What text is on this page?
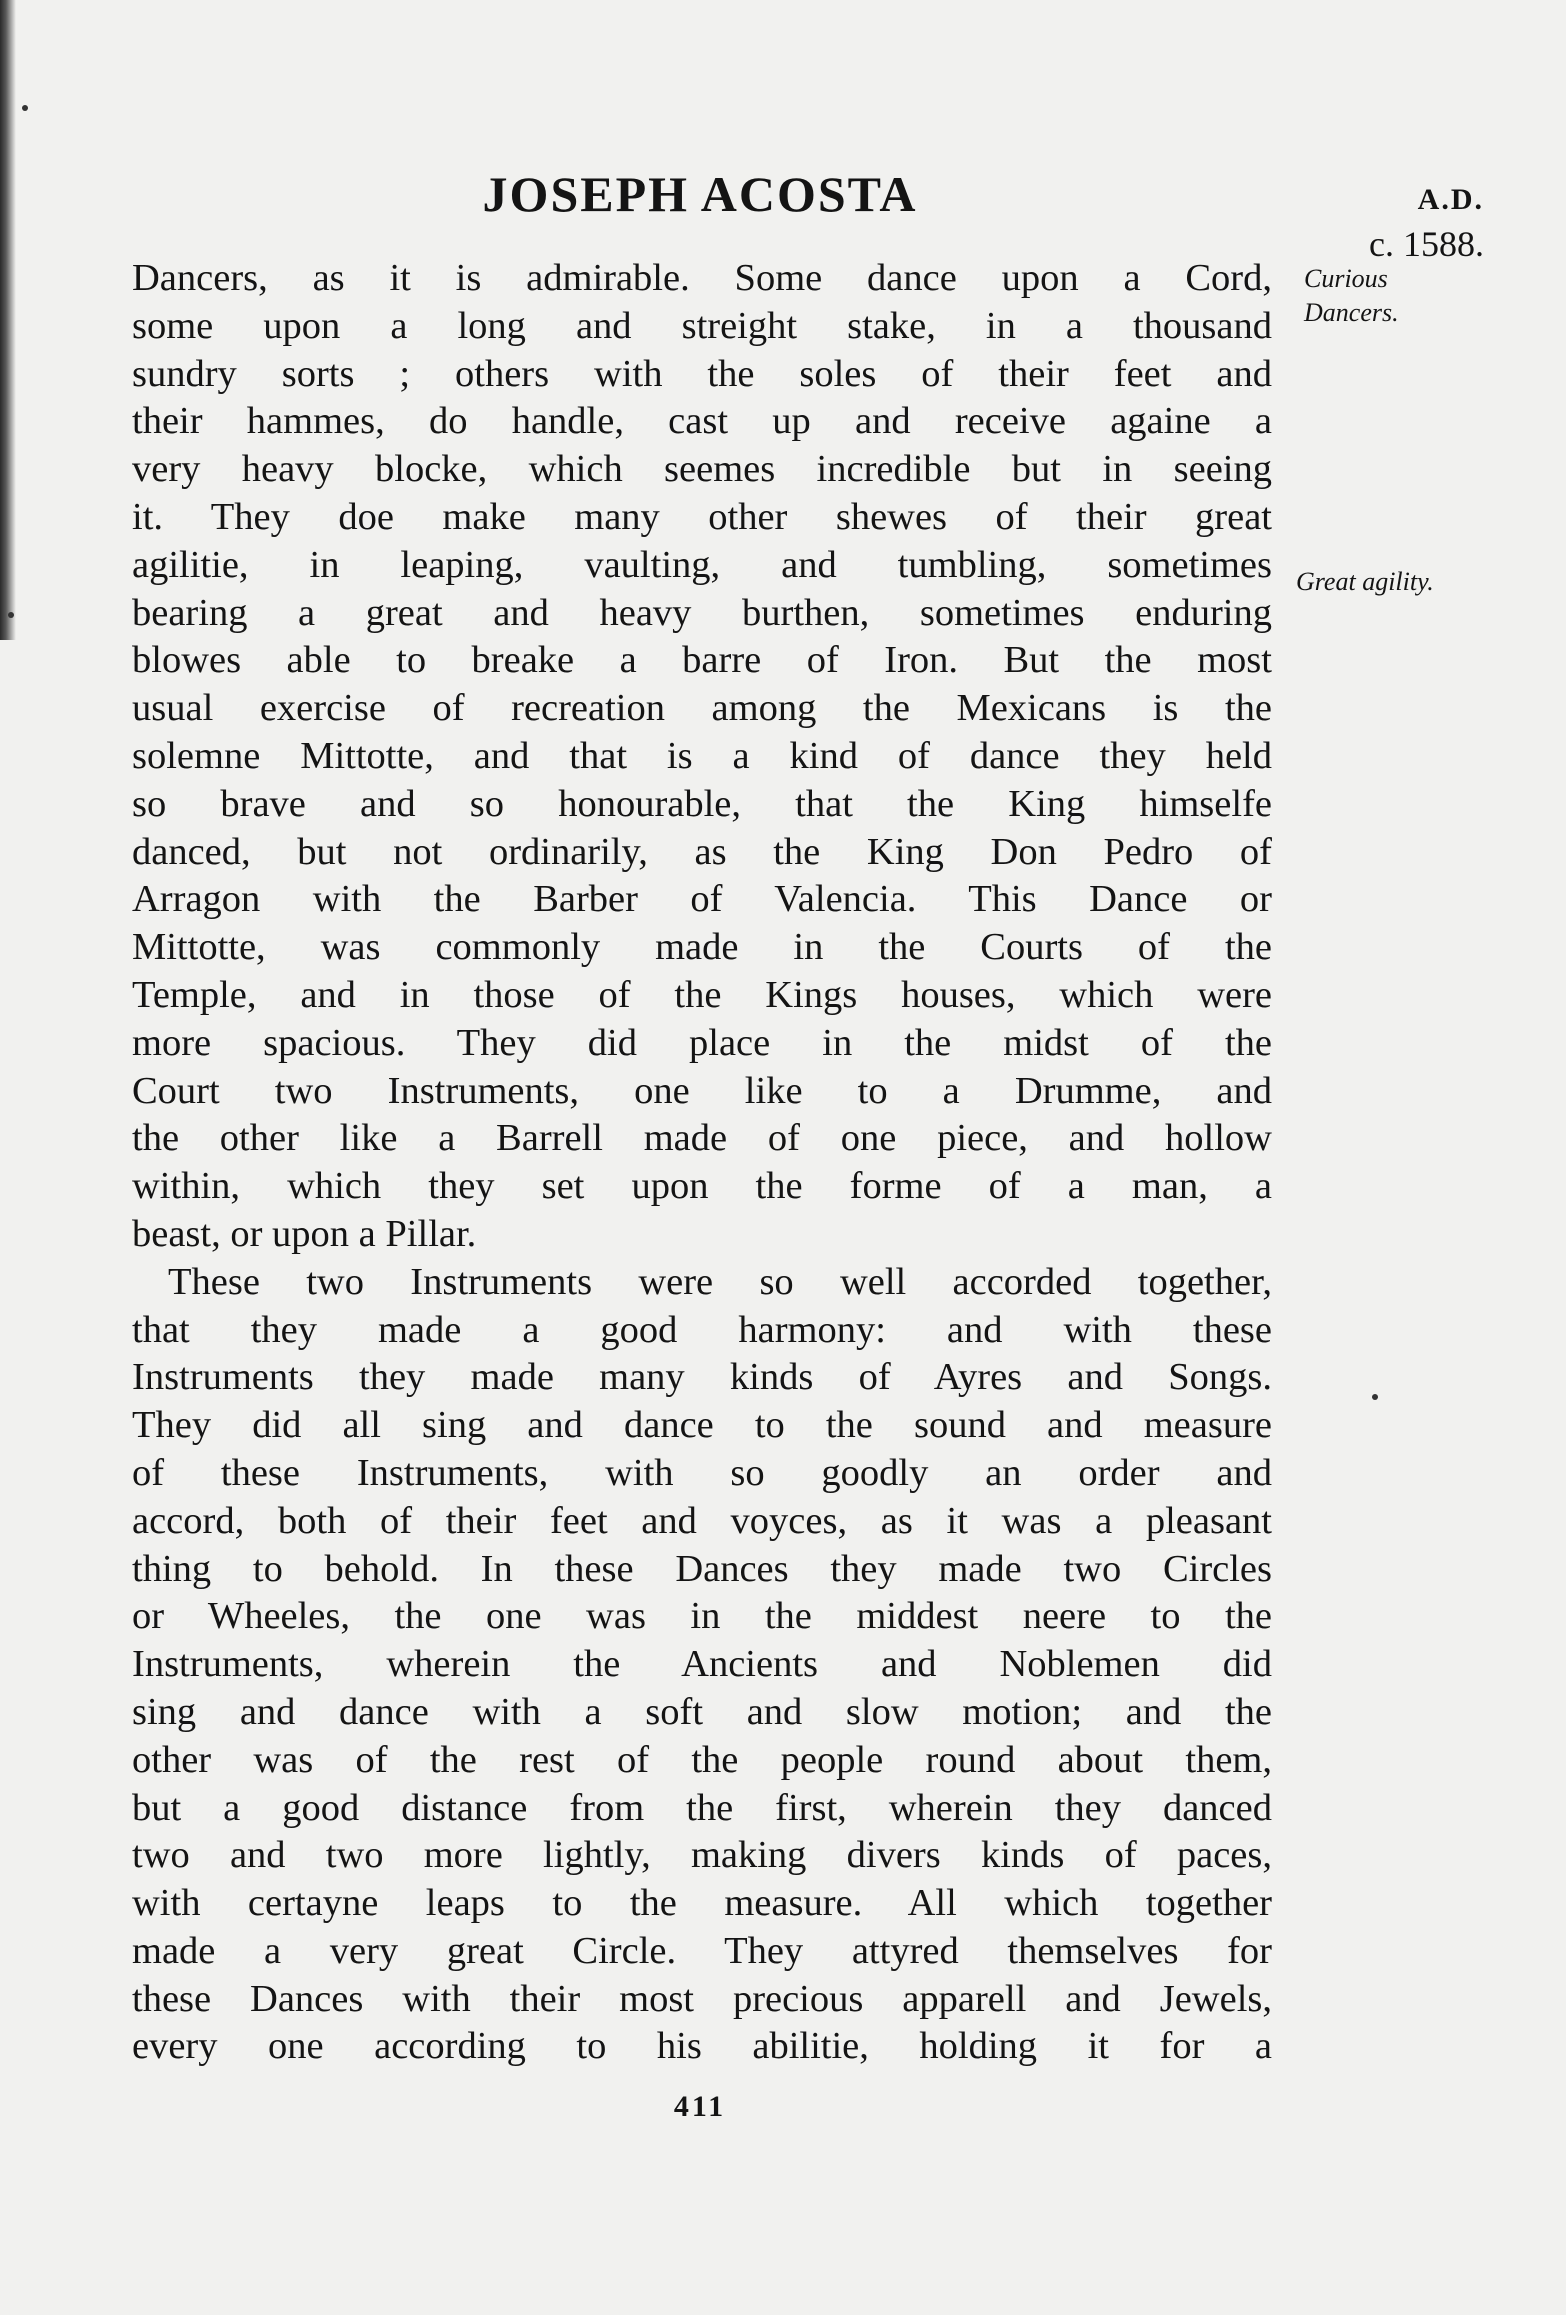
JOSEPH ACOSTA	A.D.
c. 1588.
Curious
Dancers.
Great agility.
Dancers, as it is admirable. Some dance upon a Cord,
some upon a long and streight stake, in a thousand
sundry sorts ; others with the soles of their feet and
their hammes, do handle, cast up and receive againe a
very heavy blocke, which seemes incredible but in seeing
it. They doe make many other shewes of their great
agilitie, in leaping, vaulting, and tumbling, sometimes
bearing a great and heavy burthen, sometimes enduring
blowes able to breake a barre of Iron. But the most
usual exercise of recreation among the Mexicans is the
solemne Mittotte, and that is a kind of dance they held
so brave and so honourable, that the King himselfe
danced, but not ordinarily, as the King Don Pedro of
Arragon with the Barber of Valencia. This Dance or
Mittotte, was commonly made in the Courts of the
Temple, and in those of the Kings houses, which were
more spacious. They did place in the midst of the
Court two Instruments, one like to a Drumme, and
the other like a Barrell made of one piece, and hollow
within, which they set upon the forme of a man, a
beast, or upon a Pillar.
These two Instruments were so well accorded together,
that they made a good harmony: and with these
Instruments they made many kinds of Ayres and Songs.
They did all sing and dance to the sound and measure
of these Instruments, with so goodly an order and
accord, both of their feet and voyces, as it was a pleasant
thing to behold. In these Dances they made two Circles
or Wheeles, the one was in the middest neere to the
Instruments, wherein the Ancients and Noblemen did
sing and dance with a soft and slow motion; and the
other was of the rest of the people round about them,
but a good distance from the first, wherein they danced
two and two more lightly, making divers kinds of paces,
with certayne leaps to the measure. All which together
made a very great Circle. They attyred themselves for
these Dances with their most precious apparell and Jewels,
every one according to his abilitie, holding it for a
411
